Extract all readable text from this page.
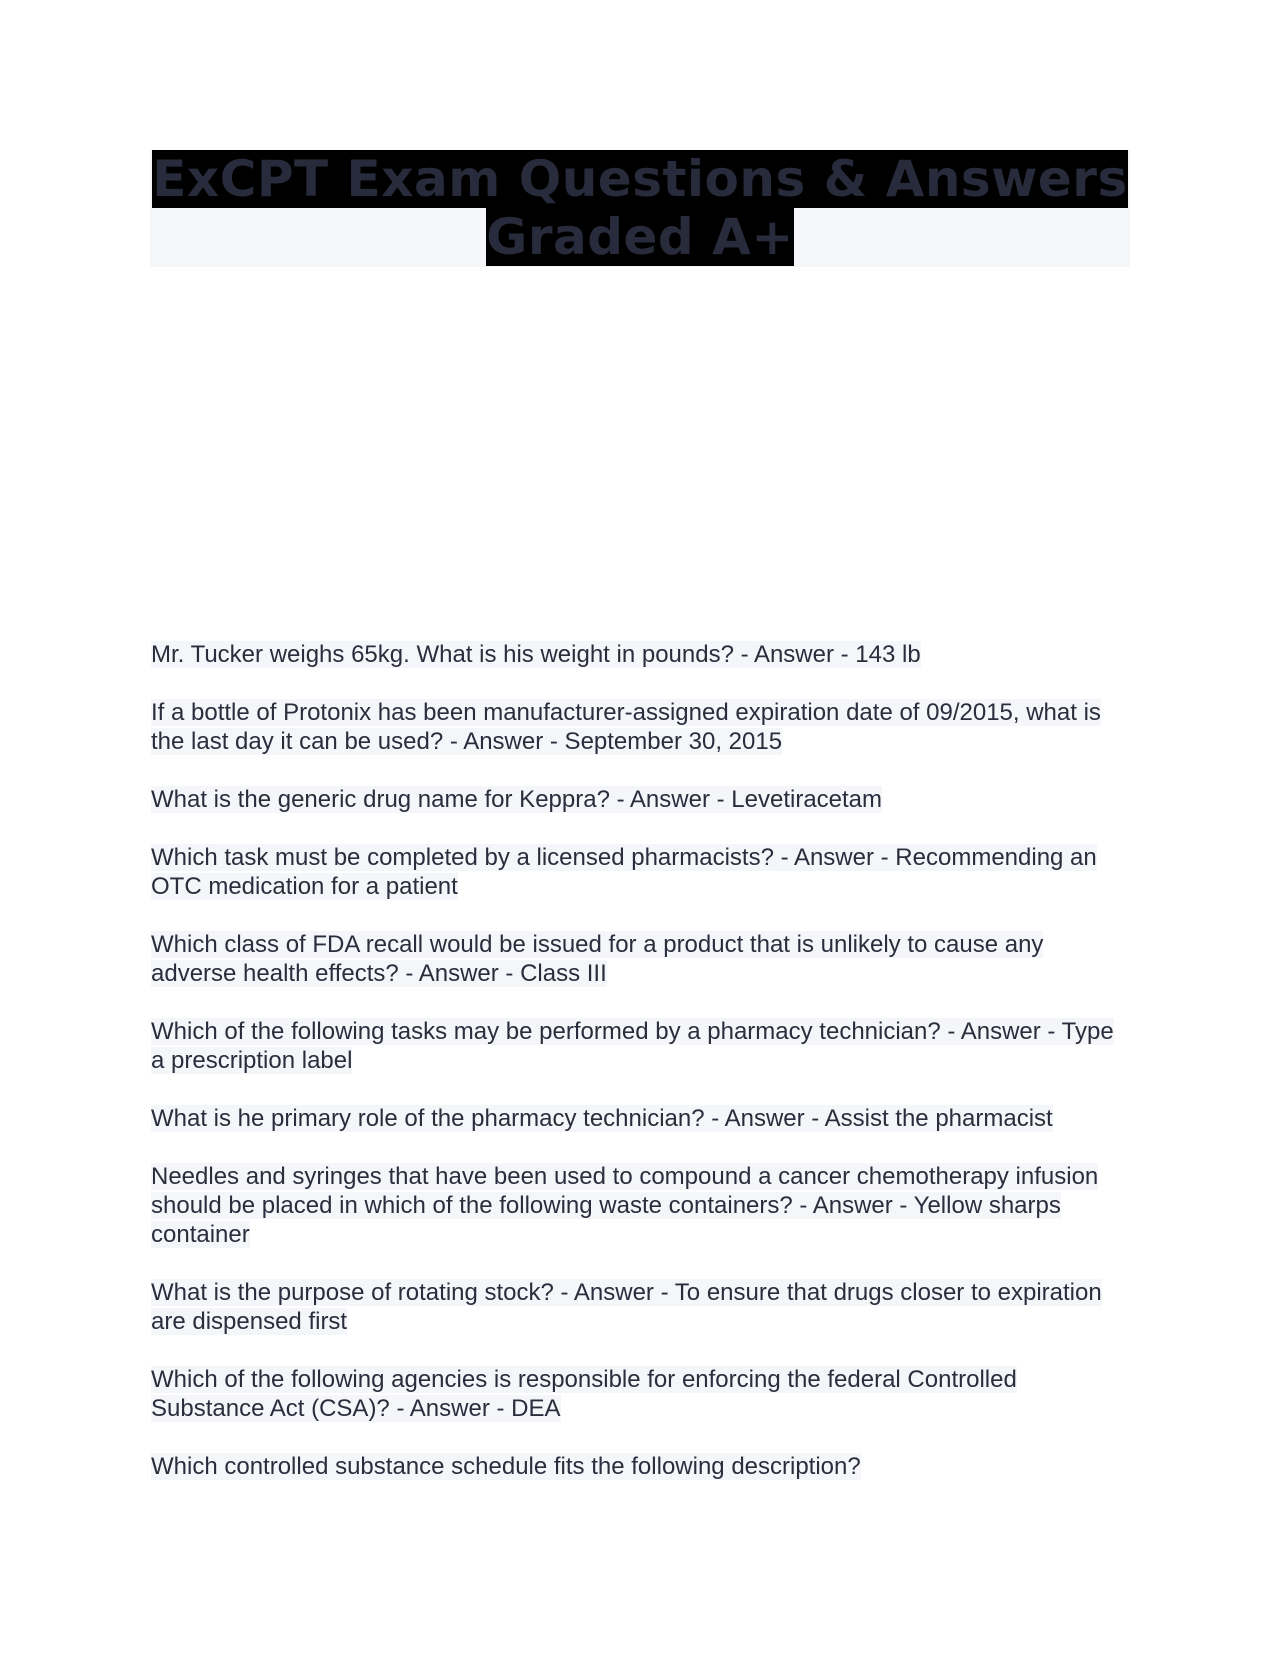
ExCPT Exam Questions & Answers
Graded A+
Mr. Tucker weighs 65kg. What is his weight in pounds? - Answer - 143 lb
If a bottle of Protonix has been manufacturer-assigned expiration date of 09/2015, what is the last day it can be used? - Answer - September 30, 2015
What is the generic drug name for Keppra? - Answer - Levetiracetam
Which task must be completed by a licensed pharmacists? - Answer - Recommending an OTC medication for a patient
Which class of FDA recall would be issued for a product that is unlikely to cause any adverse health effects? - Answer - Class III
Which of the following tasks may be performed by a pharmacy technician? - Answer - Type a prescription label
What is he primary role of the pharmacy technician? - Answer - Assist the pharmacist
Needles and syringes that have been used to compound a cancer chemotherapy infusion should be placed in which of the following waste containers? - Answer - Yellow sharps container
What is the purpose of rotating stock? - Answer - To ensure that drugs closer to expiration are dispensed first
Which of the following agencies is responsible for enforcing the federal Controlled Substance Act (CSA)? - Answer - DEA
Which controlled substance schedule fits the following description?
